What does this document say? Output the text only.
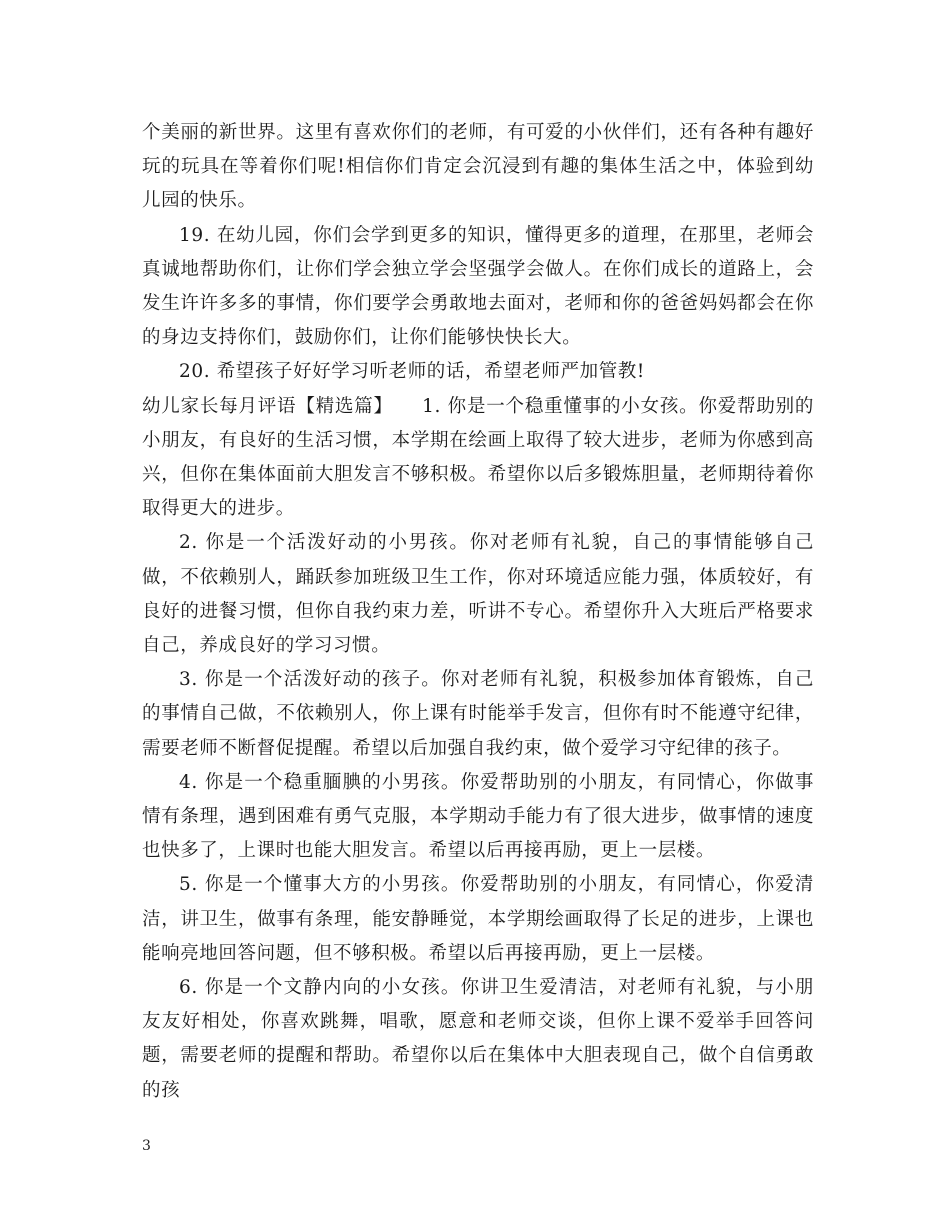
个美丽的新世界。这里有喜欢你们的老师，有可爱的小伙伴们，还有各种有趣好玩的玩具在等着你们呢!相信你们肯定会沉浸到有趣的集体生活之中，体验到幼儿园的快乐。

19. 在幼儿园，你们会学到更多的知识，懂得更多的道理，在那里，老师会真诚地帮助你们，让你们学会独立学会坚强学会做人。在你们成长的道路上，会发生许许多多的事情，你们要学会勇敢地去面对，老师和你的爸爸妈妈都会在你的身边支持你们，鼓励你们，让你们能够快快长大。

20. 希望孩子好好学习听老师的话，希望老师严加管教!

幼儿家长每月评语【精选篇】　　1. 你是一个稳重懂事的小女孩。你爱帮助别的小朋友，有良好的生活习惯，本学期在绘画上取得了较大进步，老师为你感到高兴，但你在集体面前大胆发言不够积极。希望你以后多锻炼胆量，老师期待着你取得更大的进步。

2. 你是一个活泼好动的小男孩。你对老师有礼貌，自己的事情能够自己做，不依赖别人，踊跃参加班级卫生工作，你对环境适应能力强，体质较好，有良好的进餐习惯，但你自我约束力差，听讲不专心。希望你升入大班后严格要求自己，养成良好的学习习惯。

3. 你是一个活泼好动的孩子。你对老师有礼貌，积极参加体育锻炼，自己的事情自己做，不依赖别人，你上课有时能举手发言，但你有时不能遵守纪律，需要老师不断督促提醒。希望以后加强自我约束，做个爱学习守纪律的孩子。

4. 你是一个稳重腼腆的小男孩。你爱帮助别的小朋友，有同情心，你做事情有条理，遇到困难有勇气克服，本学期动手能力有了很大进步，做事情的速度也快多了，上课时也能大胆发言。希望以后再接再励，更上一层楼。

5. 你是一个懂事大方的小男孩。你爱帮助别的小朋友，有同情心，你爱清洁，讲卫生，做事有条理，能安静睡觉，本学期绘画取得了长足的进步，上课也能响亮地回答问题，但不够积极。希望以后再接再励，更上一层楼。

6. 你是一个文静内向的小女孩。你讲卫生爱清洁，对老师有礼貌，与小朋友友好相处，你喜欢跳舞，唱歌，愿意和老师交谈，但你上课不爱举手回答问题，需要老师的提醒和帮助。希望你以后在集体中大胆表现自己，做个自信勇敢的孩

3
